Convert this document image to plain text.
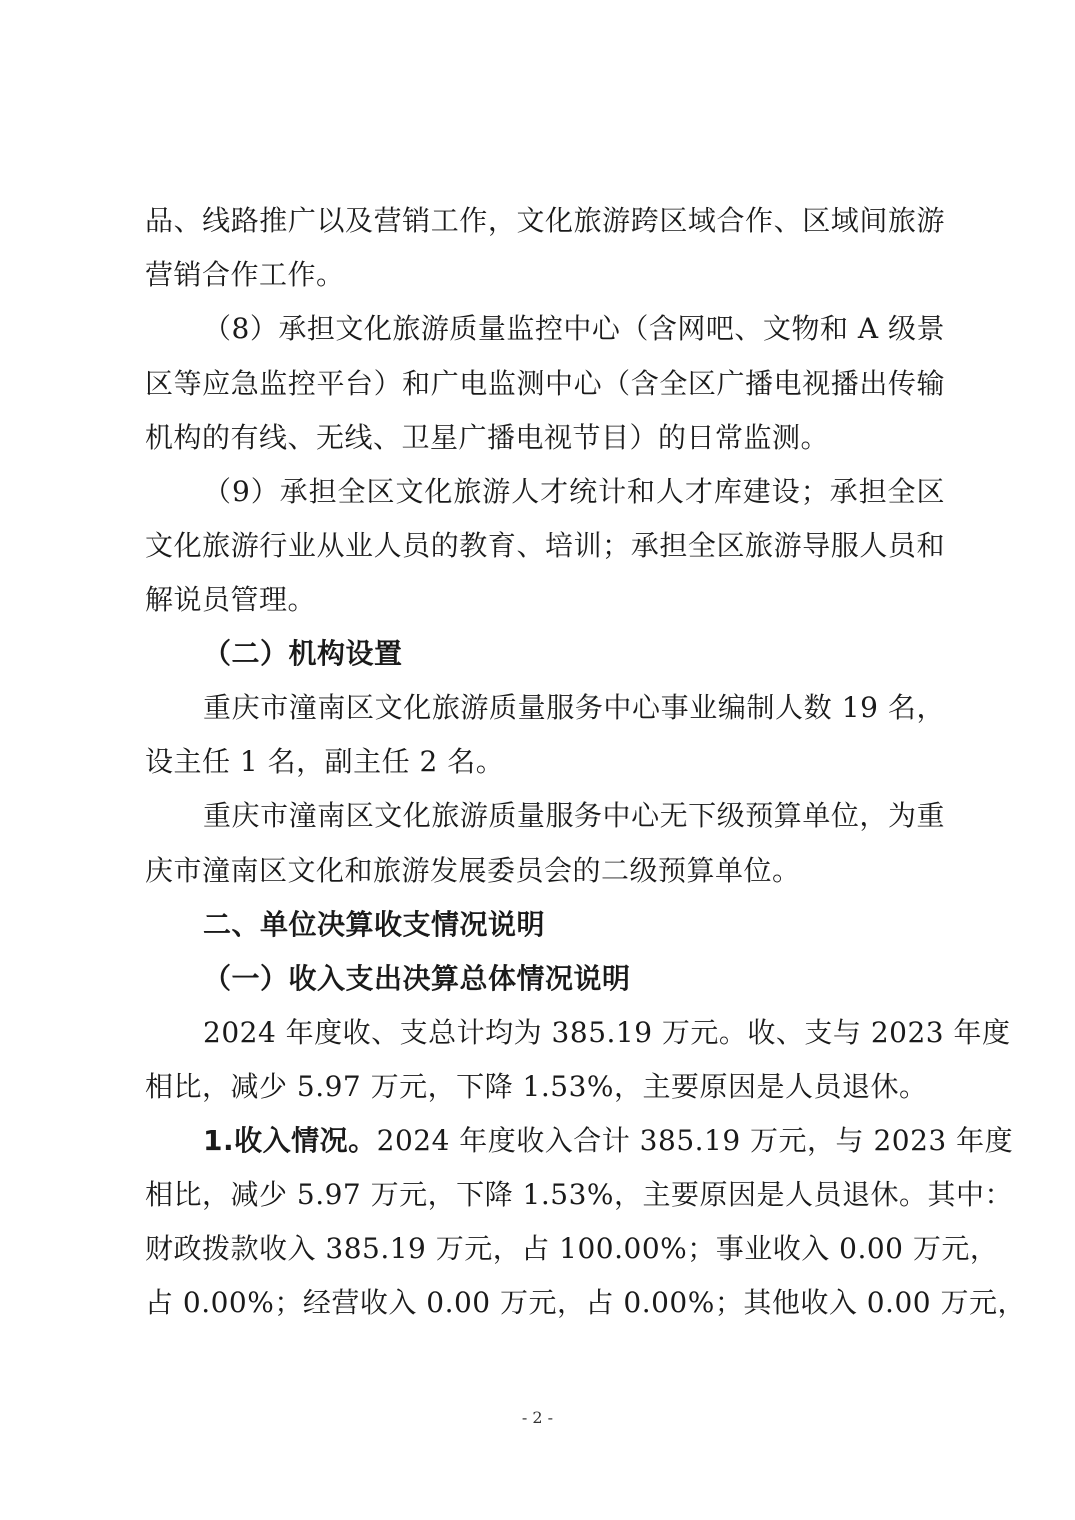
品、线路推广以及营销工作，文化旅游跨区域合作、区域间旅游
营销合作工作。
（8）承担文化旅游质量监控中心（含网吧、文物和 A 级景
区等应急监控平台）和广电监测中心（含全区广播电视播出传输
机构的有线、无线、卫星广播电视节目）的日常监测。
（9）承担全区文化旅游人才统计和人才库建设；承担全区
文化旅游行业从业人员的教育、培训；承担全区旅游导服人员和
解说员管理。
（二）机构设置
重庆市潼南区文化旅游质量服务中心事业编制人数 19 名，
设主任 1 名，副主任 2 名。
重庆市潼南区文化旅游质量服务中心无下级预算单位，为重
庆市潼南区文化和旅游发展委员会的二级预算单位。
二、单位决算收支情况说明
（一）收入支出决算总体情况说明
2024 年度收、支总计均为 385.19 万元。收、支与 2023 年度
相比，减少 5.97 万元，下降 1.53%，主要原因是人员退休。
1.收入情况。2024 年度收入合计 385.19 万元，与 2023 年度
相比，减少 5.97 万元，下降 1.53%，主要原因是人员退休。其中：
财政拨款收入 385.19 万元，占 100.00%；事业收入 0.00 万元，
占 0.00%；经营收入 0.00 万元，占 0.00%；其他收入 0.00 万元，
- 2 -
